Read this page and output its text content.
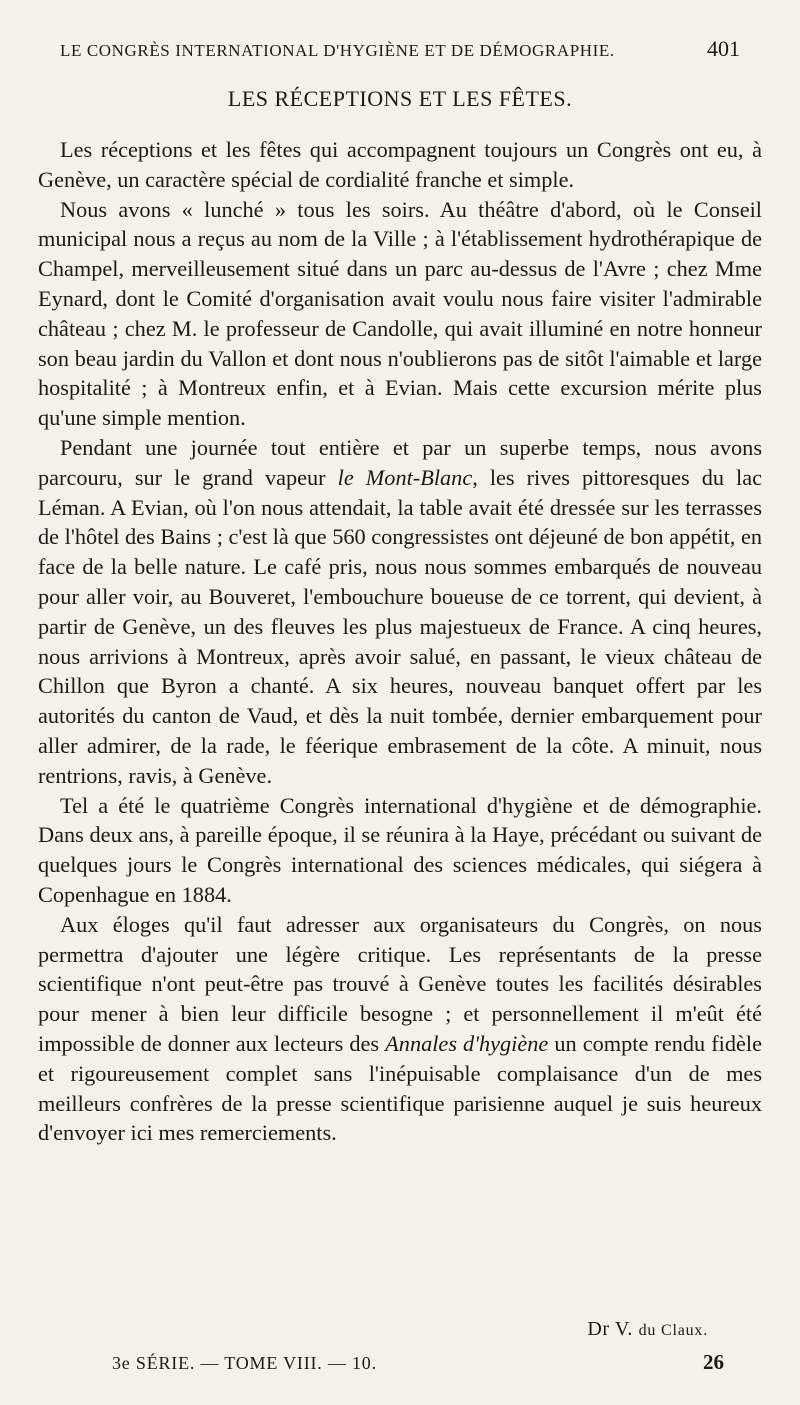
LE CONGRÈS INTERNATIONAL D'HYGIÈNE ET DE DÉMOGRAPHIE.	401
LES RÉCEPTIONS ET LES FÊTES.

Les réceptions et les fêtes qui accompagnent toujours un Congrès ont eu, à Genève, un caractère spécial de cordialité franche et simple.

Nous avons « lunché » tous les soirs. Au théâtre d'abord, où le Conseil municipal nous a reçus au nom de la Ville ; à l'établissement hydrothérapique de Champel, merveilleusement situé dans un parc au-dessus de l'Avre ; chez Mme Eynard, dont le Comité d'organisation avait voulu nous faire visiter l'admirable château ; chez M. le professeur de Candolle, qui avait illuminé en notre honneur son beau jardin du Vallon et dont nous n'oublierons pas de sitôt l'aimable et large hospitalité ; à Montreux enfin, et à Evian. Mais cette excursion mérite plus qu'une simple mention.

Pendant une journée tout entière et par un superbe temps, nous avons parcouru, sur le grand vapeur le Mont-Blanc, les rives pittoresques du lac Léman. A Evian, où l'on nous attendait, la table avait été dressée sur les terrasses de l'hôtel des Bains ; c'est là que 560 congressistes ont déjeuné de bon appétit, en face de la belle nature. Le café pris, nous nous sommes embarqués de nouveau pour aller voir, au Bouveret, l'embouchure boueuse de ce torrent, qui devient, à partir de Genève, un des fleuves les plus majestueux de France. A cinq heures, nous arrivions à Montreux, après avoir salué, en passant, le vieux château de Chillon que Byron a chanté. A six heures, nouveau banquet offert par les autorités du canton de Vaud, et dès la nuit tombée, dernier embarquement pour aller admirer, de la rade, le féerique embrasement de la côte. A minuit, nous rentrions, ravis, à Genève.

Tel a été le quatrième Congrès international d'hygiène et de démographie. Dans deux ans, à pareille époque, il se réunira à la Haye, précédant ou suivant de quelques jours le Congrès international des sciences médicales, qui siégera à Copenhague en 1884.

Aux éloges qu'il faut adresser aux organisateurs du Congrès, on nous permettra d'ajouter une légère critique. Les représentants de la presse scientifique n'ont peut-être pas trouvé à Genève toutes les facilités désirables pour mener à bien leur difficile besogne ; et personnellement il m'eût été impossible de donner aux lecteurs des Annales d'hygiène un compte rendu fidèle et rigoureusement complet sans l'inépuisable complaisance d'un de mes meilleurs confrères de la presse scientifique parisienne auquel je suis heureux d'envoyer ici mes remerciements.

Dr V. du Claux.
3e SÉRIE. — TOME VIII. — 10.	26
